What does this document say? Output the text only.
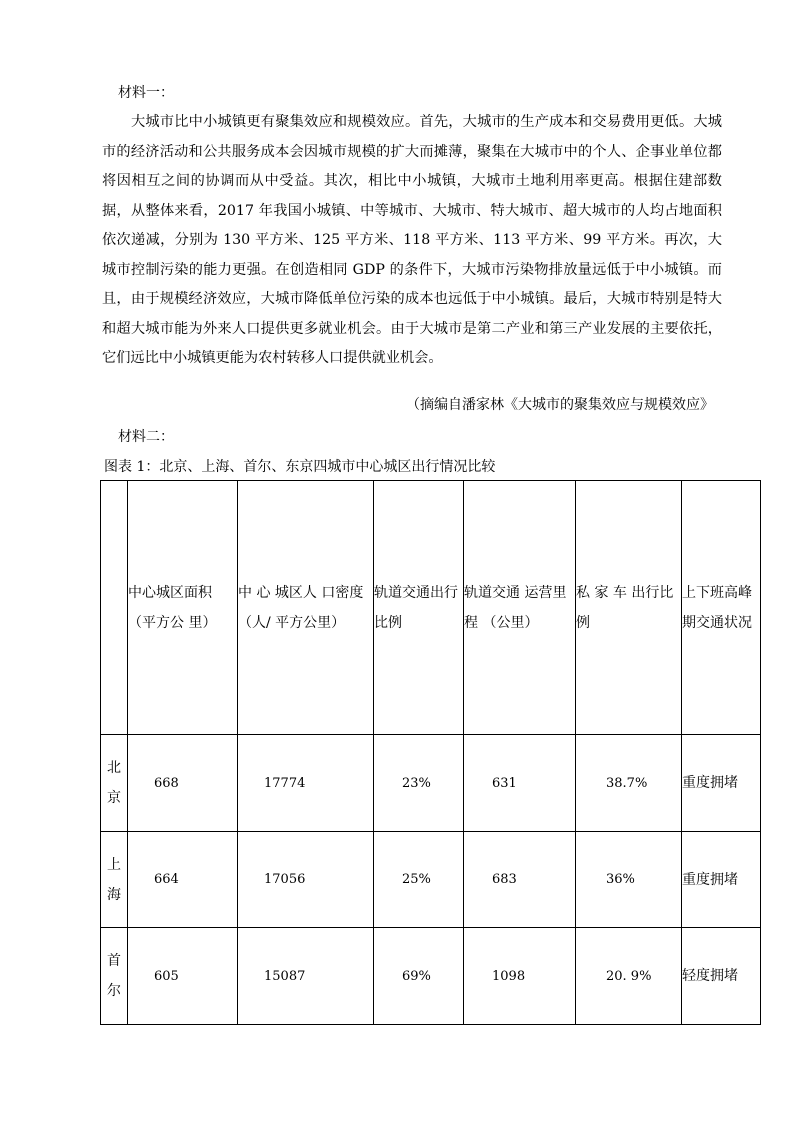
材料一：
大城市比中小城镇更有聚集效应和规模效应。首先，大城市的生产成本和交易费用更低。大城市的经济活动和公共服务成本会因城市规模的扩大而摊薄，聚集在大城市中的个人、企事业单位都将因相互之间的协调而从中受益。其次，相比中小城镇，大城市土地利用率更高。根据住建部数据，从整体来看，2017 年我国小城镇、中等城市、大城市、特大城市、超大城市的人均占地面积依次递减，分别为 130 平方米、125 平方米、118 平方米、113 平方米、99 平方米。再次，大城市控制污染的能力更强。在创造相同 GDP 的条件下，大城市污染物排放量远低于中小城镇。而且，由于规模经济效应，大城市降低单位污染的成本也远低于中小城镇。最后，大城市特别是特大和超大城市能为外来人口提供更多就业机会。由于大城市是第二产业和第三产业发展的主要依托，它们远比中小城镇更能为农村转移人口提供就业机会。
（摘编自潘家林《大城市的聚集效应与规模效应》
材料二：
图表 1：北京、上海、首尔、东京四城市中心城区出行情况比较
	中心城区面积（平方公 里）	中 心 城区人 口密度（人/ 平方公里）	轨道交通出行比例	轨道交通 运营里程 （公里）	私 家 车 出行比例	上下班高峰期交通状况
北京	668	17774	23%	631	38.7%	重度拥堵
上海	664	17056	25%	683	36%	重度拥堵
首尔	605	15087	69%	1098	20. 9%	轻度拥堵
